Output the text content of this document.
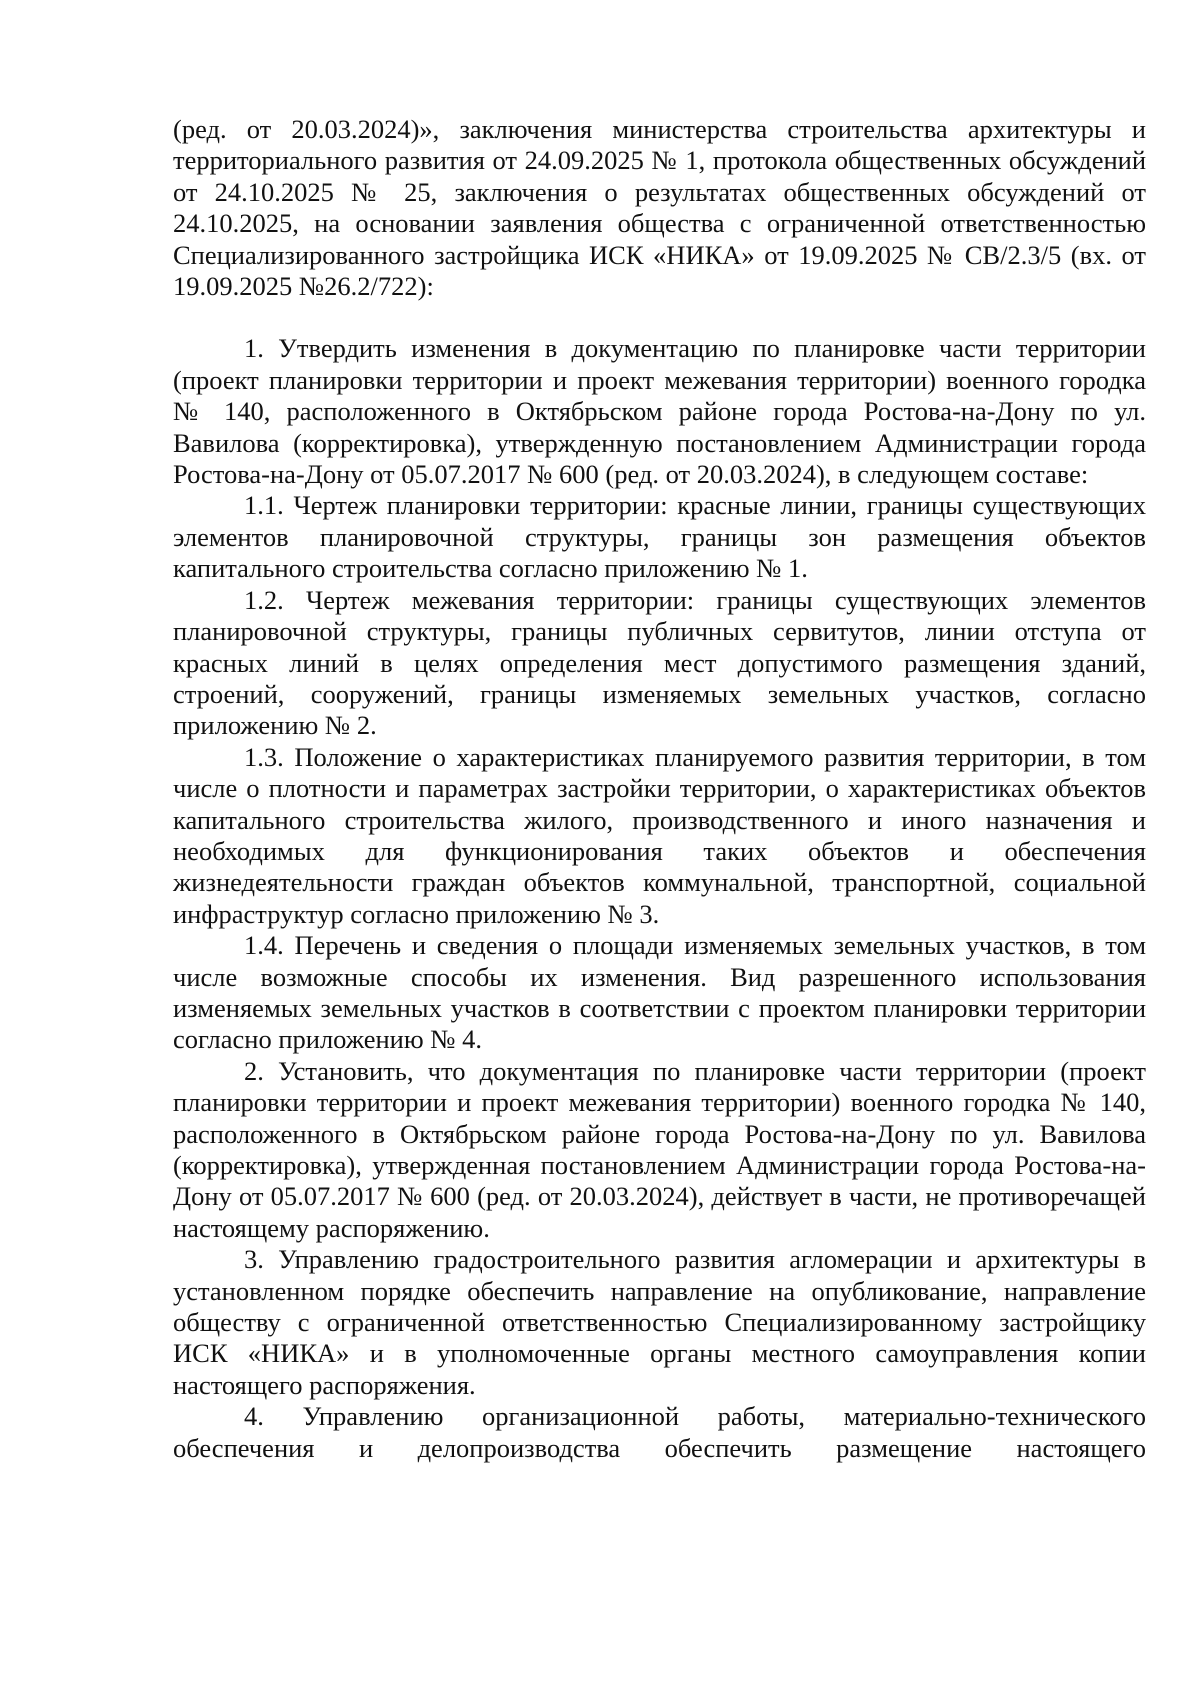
(ред. от 20.03.2024)», заключения министерства строительства архитектуры и территориального развития от 24.09.2025 № 1, протокола общественных обсуждений от 24.10.2025 № 25, заключения о результатах общественных обсуждений от 24.10.2025, на основании заявления общества с ограниченной ответственностью Специализированного застройщика ИСК «НИКА» от 19.09.2025 № СВ/2.3/5 (вх. от 19.09.2025 №26.2/722):

1. Утвердить изменения в документацию по планировке части территории (проект планировки территории и проект межевания территории) военного городка № 140, расположенного в Октябрьском районе города Ростова-на-Дону по ул. Вавилова (корректировка), утвержденную постановлением Администрации города Ростова-на-Дону от 05.07.2017 № 600 (ред. от 20.03.2024), в следующем составе:

1.1. Чертеж планировки территории: красные линии, границы существующих элементов планировочной структуры, границы зон размещения объектов капитального строительства согласно приложению № 1.

1.2. Чертеж межевания территории: границы существующих элементов планировочной структуры, границы публичных сервитутов, линии отступа от красных линий в целях определения мест допустимого размещения зданий, строений, сооружений, границы изменяемых земельных участков, согласно приложению № 2.

1.3. Положение о характеристиках планируемого развития территории, в том числе о плотности и параметрах застройки территории, о характеристиках объектов капитального строительства жилого, производственного и иного назначения и необходимых для функционирования таких объектов и обеспечения жизнедеятельности граждан объектов коммунальной, транспортной, социальной инфраструктур согласно приложению № 3.

1.4. Перечень и сведения о площади изменяемых земельных участков, в том числе возможные способы их изменения. Вид разрешенного использования изменяемых земельных участков в соответствии с проектом планировки территории согласно приложению № 4.

2. Установить, что документация по планировке части территории (проект планировки территории и проект межевания территории) военного городка № 140, расположенного в Октябрьском районе города Ростова-на-Дону по ул. Вавилова (корректировка), утвержденная постановлением Администрации города Ростова-на-Дону от 05.07.2017 № 600 (ред. от 20.03.2024), действует в части, не противоречащей настоящему распоряжению.

3. Управлению градостроительного развития агломерации и архитектуры в установленном порядке обеспечить направление на опубликование, направление обществу с ограниченной ответственностью Специализированному застройщику ИСК «НИКА» и в уполномоченные органы местного самоуправления копии настоящего распоряжения.

4. Управлению организационной работы, материально-технического обеспечения и делопроизводства обеспечить размещение настоящего
